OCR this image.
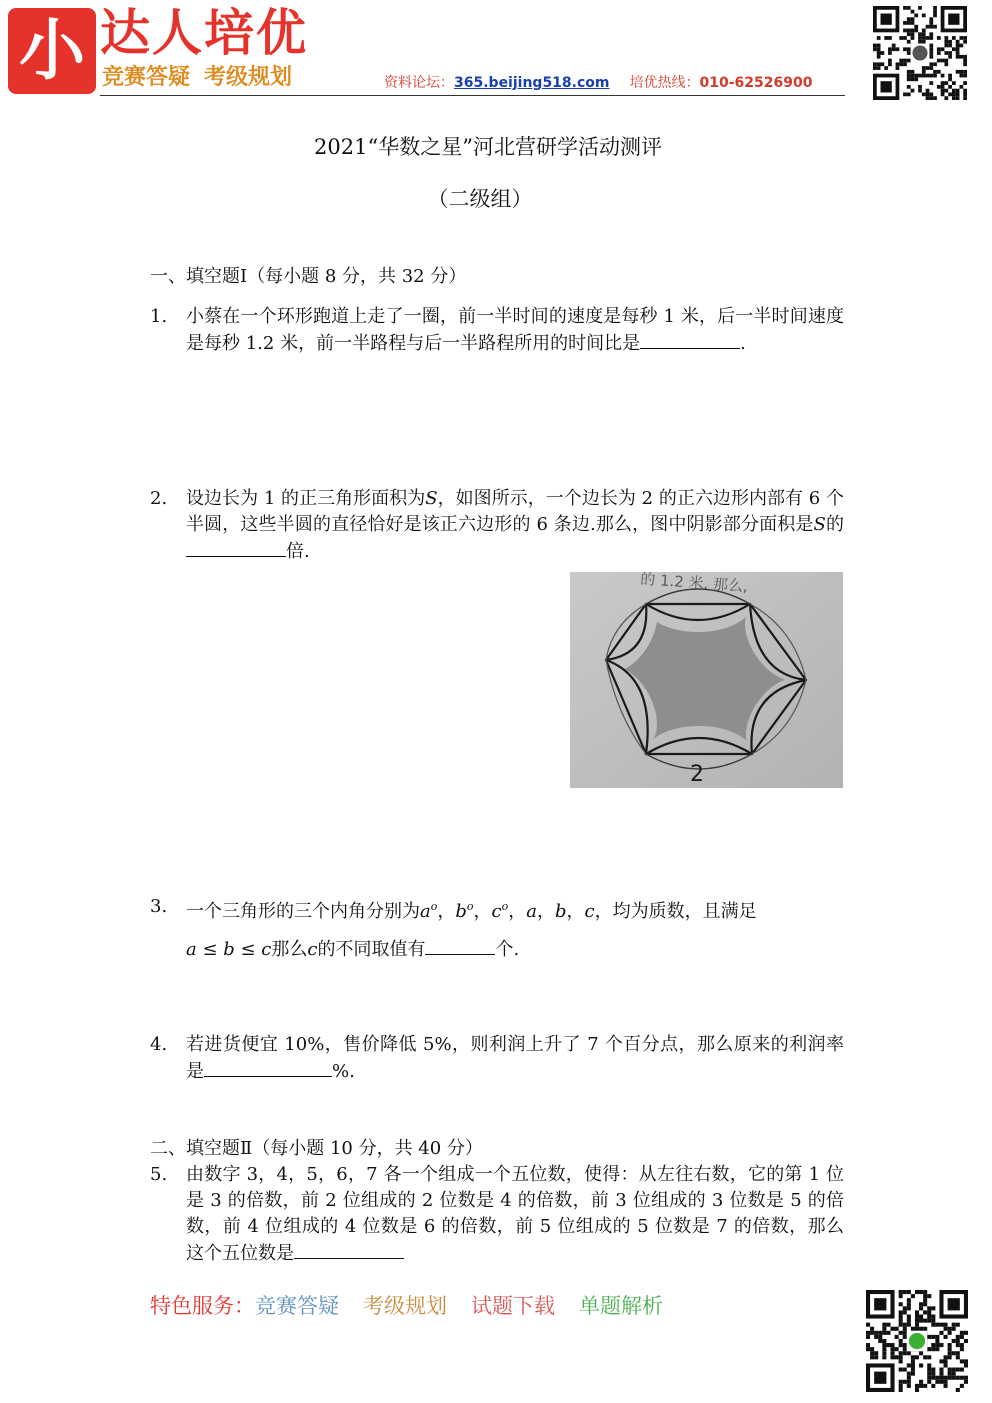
小 达人培优
竞赛答疑 考级规划	资料论坛：365.beijing518.com 培优热线：010-62526900
2021“华数之星”河北营研学活动测评
（二级组）
一、填空题Ⅰ（每小题 8 分，共 32 分）
1. 小蔡在一个环形跑道上走了一圈，前一半时间的速度是每秒 1 米，后一半时间速度是每秒 1.2 米，前一半路程与后一半路程所用的时间比是	.
2. 设边长为 1 的正三角形面积为S，如图所示，一个边长为 2 的正六边形内部有 6 个半圆，这些半圆的直径恰好是该正六边形的 6 条边.那么，图中阴影部分面积是S的倍.
2
3. 一个三角形的三个内角分别为$a^o$，$b^o$，$c^o$，a，b，c，均为质数，且满足
a ≤ b ≤ c那么c的不同取值有	个.
4. 若进货便宜 10%，售价降低 5%，则利润上升了 7 个百分点，那么原来的利润率是	%.
二、填空题Ⅱ（每小题 10 分，共 40 分）
5. 由数字 3，4，5，6，7 各一个组成一个五位数，使得：从左往右数，它的第 1 位是 3 的倍数，前 2 位组成的 2 位数是 4 的倍数，前 3 位组成的 3 位数是 5 的倍数，前 4 位组成的 4 位数是 6 的倍数，前 5 位组成的 5 位数是 7 的倍数，那么这个五位数是
特色服务：竞赛答疑 考级规划 试题下载 单题解析
